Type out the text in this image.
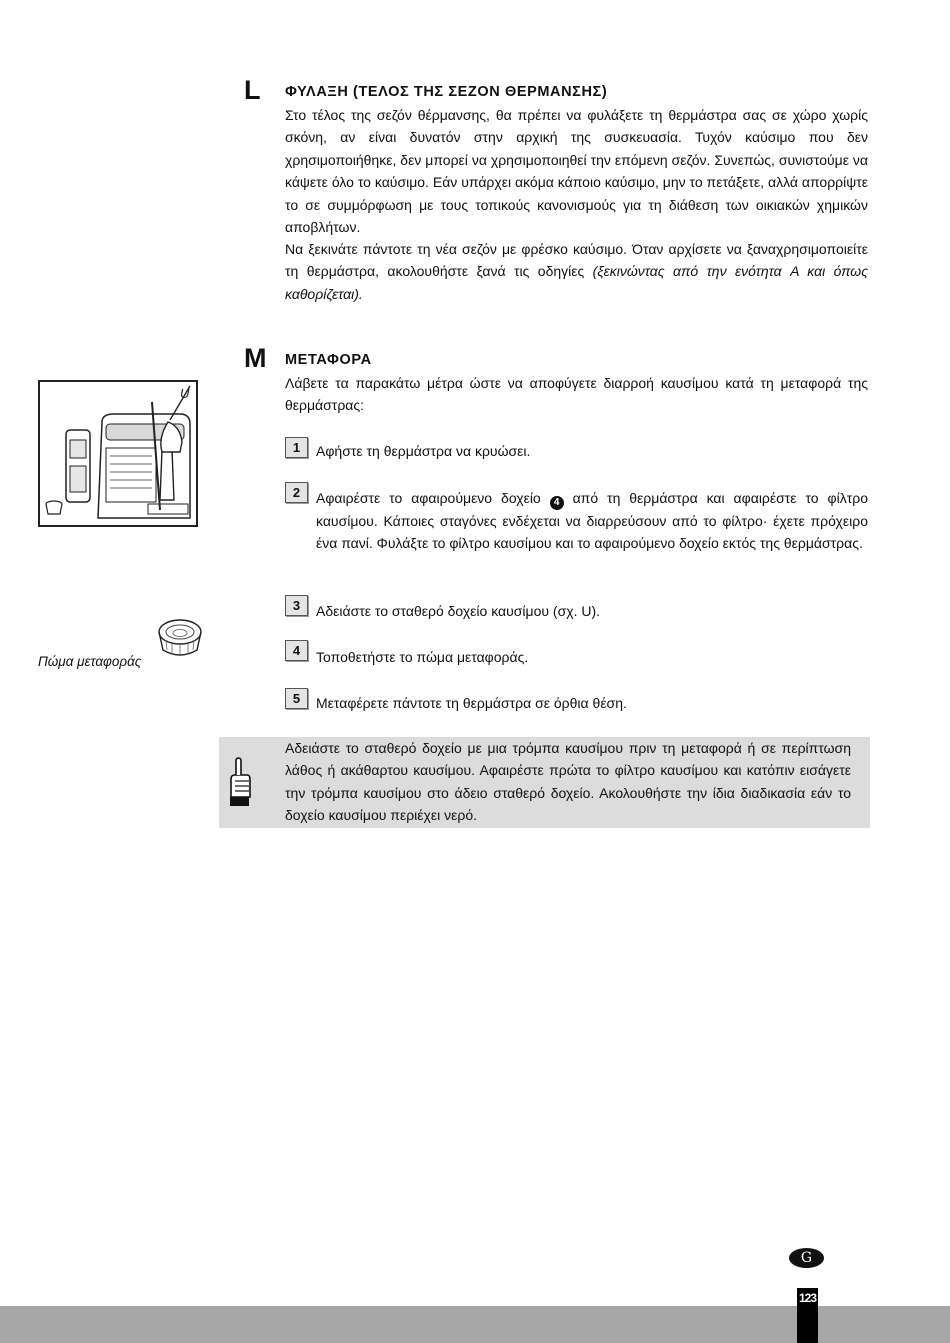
L ΦΥΛΑΞΗ (ΤΕΛΟΣ ΤΗΣ ΣΕΖΟΝ ΘΕΡΜΑΝΣΗΣ)

Στο τέλος της σεζόν θέρμανσης, θα πρέπει να φυλάξετε τη θερμάστρα σας σε χώρο χωρίς σκόνη, αν είναι δυνατόν στην αρχική της συσκευασία. Τυχόν καύσιμο που δεν χρησιμοποιήθηκε, δεν μπορεί να χρησιμοποιηθεί την επόμενη σεζόν. Συνεπώς, συνιστούμε να κάψετε όλο το καύσιμο. Εάν υπάρχει ακόμα κάποιο καύσιμο, μην το πετάξετε, αλλά απορρίψτε το σε συμμόρφωση με τους τοπικούς κανονισμούς για τη διάθεση των οικιακών χημικών αποβλήτων.

Να ξεκινάτε πάντοτε τη νέα σεζόν με φρέσκο καύσιμο. Όταν αρχίσετε να ξαναχρησιμοποιείτε τη θερμάστρα, ακολουθήστε ξανά τις οδηγίες (ξεκινώντας από την ενότητα A και όπως καθορίζεται).

M ΜΕΤΑΦΟΡΑ

Λάβετε τα παρακάτω μέτρα ώστε να αποφύγετε διαρροή καυσίμου κατά τη μεταφορά της θερμάστρας:

1	Αφήστε τη θερμάστρα να κρυώσει.

2	Αφαιρέστε το αφαιρούμενο δοχείο 4 από τη θερμάστρα και αφαιρέστε το φίλτρο καυσίμου. Κάποιες σταγόνες ενδέχεται να διαρρεύσουν από το φίλτρο· έχετε πρόχειρο ένα πανί. Φυλάξτε το φίλτρο καυσίμου και το αφαιρούμενο δοχείο εκτός της θερμάστρας.

3	Αδειάστε το σταθερό δοχείο καυσίμου (σχ. U).

4	Τοποθετήστε το πώμα μεταφοράς.

5	Μεταφέρετε πάντοτε τη θερμάστρα σε όρθια θέση.

Αδειάστε το σταθερό δοχείο με μια τρόμπα καυσίμου πριν τη μεταφορά ή σε περίπτωση λάθος ή ακάθαρτου καυσίμου. Αφαιρέστε πρώτα το φίλτρο καυσίμου και κατόπιν εισάγετε την τρόμπα καυσίμου στο άδειο σταθερό δοχείο. Ακολουθήστε την ίδια διαδικασία εάν το δοχείο καυσίμου περιέχει νερό.

U
Πώμα μεταφοράς
G
123
